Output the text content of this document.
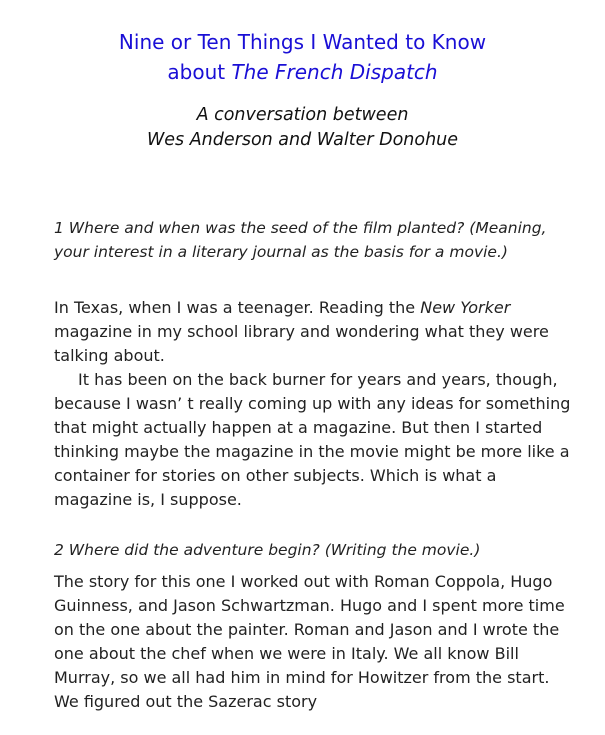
Nine or Ten Things I Wanted to Know
about The French Dispatch
A conversation between
Wes Anderson and Walter Donohue
1 Where and when was the seed of the film planted? (Meaning, your interest in a literary journal as the basis for a movie.)

In Texas, when I was a teenager. Reading the New Yorker magazine in my school library and wondering what they were talking about.

It has been on the back burner for years and years, though, because I wasn’ t really coming up with any ideas for something that might actually happen at a magazine. But then I started thinking maybe the magazine in the movie might be more like a container for stories on other subjects. Which is what a magazine is, I suppose.

2 Where did the adventure begin? (Writing the movie.)

The story for this one I worked out with Roman Coppola, Hugo Guinness, and Jason Schwartzman. Hugo and I spent more time on the one about the painter. Roman and Jason and I wrote the one about the chef when we were in Italy. We all know Bill Murray, so we all had him in mind for Howitzer from the start. We figured out the Sazerac story
